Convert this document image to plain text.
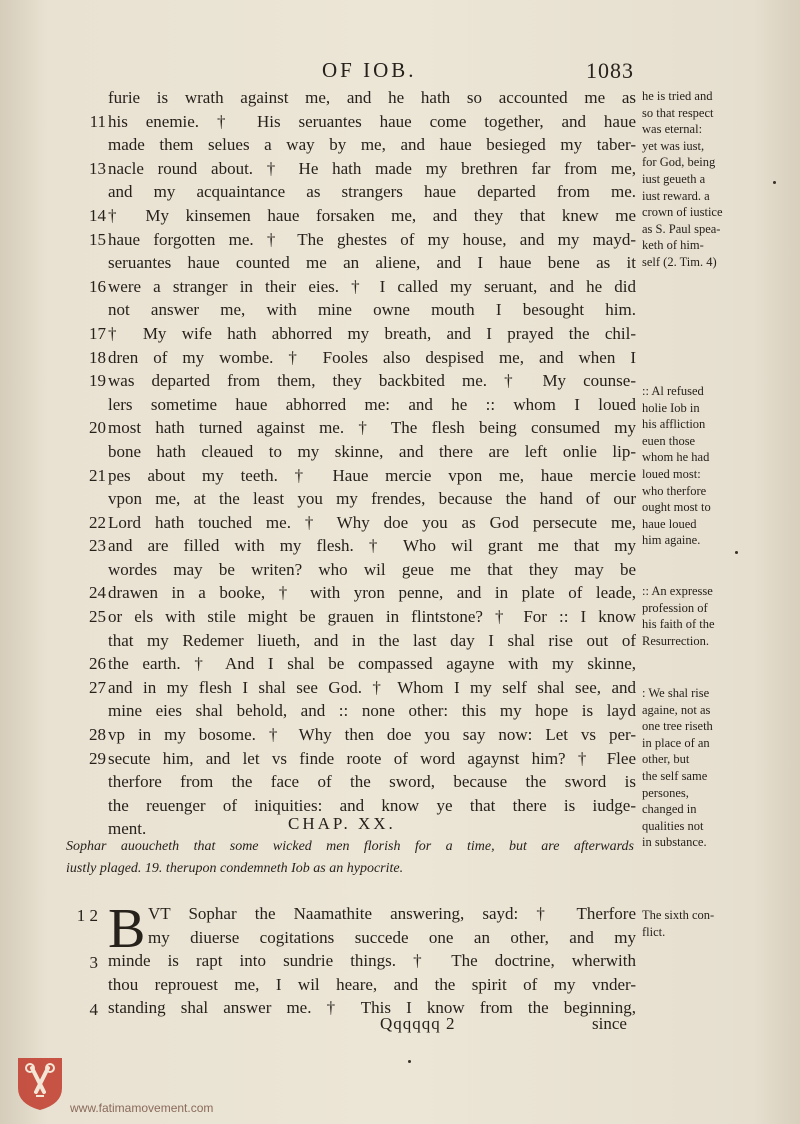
OF IOB.	1083
11
13
14
15
16
17
18
19
20
21
22
23
24
25
26
27
28
29
furie is wrath against me, and he hath so accounted me as
his enemie. † His seruantes haue come together, and haue
made them selues a way by me, and haue besieged my taber-
nacle round about. † He hath made my brethren far from me,
and my acquaintance as strangers haue departed from me.
† My kinsemen haue forsaken me, and they that knew me
haue forgotten me. † The ghestes of my house, and my mayd-
seruantes haue counted me an aliene, and I haue bene as it
were a stranger in their eies. † I called my seruant, and he did
not answer me, with mine owne mouth I besought him.
† My wife hath abhorred my breath, and I prayed the chil-
dren of my wombe. † Fooles also despised me, and when I
was departed from them, they backbited me. † My counse-
lers sometime haue abhorred me: and he :: whom I loued
most hath turned against me. † The flesh being consumed my
bone hath cleaued to my skinne, and there are left onlie lip-
pes about my teeth. † Haue mercie vpon me, haue mercie
vpon me, at the least you my frendes, because the hand of our
Lord hath touched me. † Why doe you as God persecute me,
and are filled with my flesh. † Who wil grant me that my
wordes may be writen? who wil geue me that they may be
drawen in a booke, † with yron penne, and in plate of leade,
or els with stile might be grauen in flintstone? † For :: I know
that my Redemer liueth, and in the last day I shal rise out of
the earth. † And I shal be compassed agayne with my skinne,
and in my flesh I shal see God. † Whom I my self shal see, and
mine eies shal behold, and :: none other: this my hope is layd
vp in my bosome. † Why then doe you say now: Let vs per-
secute him, and let vs finde roote of word agaynst him? † Flee
therfore from the face of the sword, because the sword is
the reuenger of iniquities: and know ye that there is iudge-
ment.	CHAP. XX.
Sophar auoucheth that some wicked men florish for a time, but are afterwards
iustly plaged. 19. therupon condemneth Iob as an hypocrite.
1 2
3
4
B VT Sophar the Naamathite answering, sayd: † Therfore
my diuerse cogitations succede one an other, and my
minde is rapt into sundrie things. † The doctrine, wherwith
thou reprouest me, I wil heare, and the spirit of my vnder-
standing shal answer me. † This I know from the beginning,
Qqqqqq 2	since
he is tried and
so that respect
was eternal:
yet was iust,
for God, being
iust geueth a
iust reward. a
crown of iustice
as S. Paul spea-
keth of him-
self (2. Tim. 4)
:: Al refused
holie Iob in
his affliction
euen those
whom he had
loued most:
who therfore
ought most to
haue loued
him againe.
:: An expresse
profession of
his faith of the
Resurrection.
: We shal rise
againe, not as
one tree riseth
in place of an
other, but
the self same
persones,
changed in
qualities not
in substance.
The sixth con-
flict.
www.fatimamovement.com
